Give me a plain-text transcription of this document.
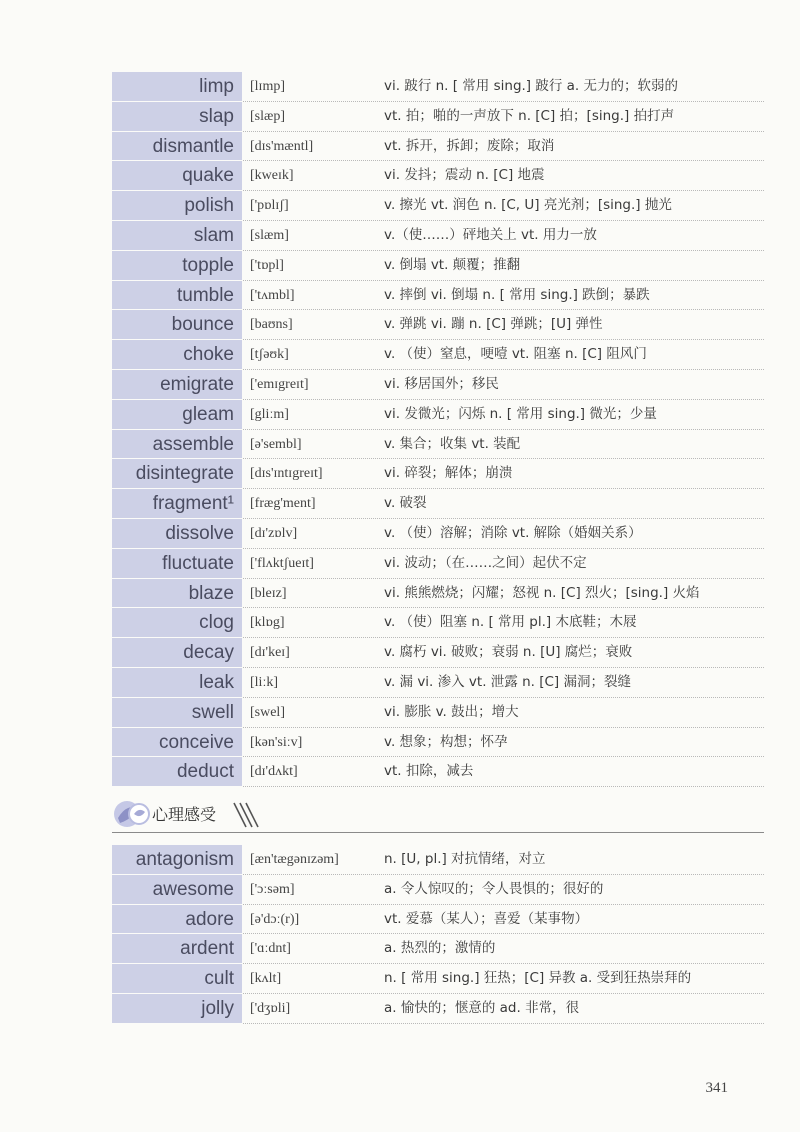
limp	[lɪmp]	vi. 跛行 n. [ 常用 sing.] 跛行 a. 无力的；软弱的
slap	[slæp]	vt. 拍；啪的一声放下 n. [C] 拍；[sing.] 拍打声
dismantle	[dɪs'mæntl]	vt. 拆开，拆卸；废除；取消
quake	[kweɪk]	vi. 发抖；震动 n. [C] 地震
polish	['pɒlɪʃ]	v. 擦光 vt. 润色 n. [C, U] 亮光剂；[sing.] 抛光
slam	[slæm]	v.（使……）砰地关上 vt. 用力一放
topple	['tɒpl]	v. 倒塌 vt. 颠覆；推翻
tumble	['tʌmbl]	v. 摔倒 vi. 倒塌 n. [ 常用 sing.] 跌倒；暴跌
bounce	[baʊns]	v. 弹跳 vi. 蹦 n. [C] 弹跳；[U] 弹性
choke	[tʃəʊk]	v. （使）窒息，哽噎 vt. 阻塞 n. [C] 阻风门
emigrate	['emɪgreɪt]	vi. 移居国外；移民
gleam	[gliːm]	vi. 发微光；闪烁 n. [ 常用 sing.] 微光；少量
assemble	[ə'sembl]	v. 集合；收集 vt. 装配
disintegrate	[dɪs'ɪntɪgreɪt]	vi. 碎裂；解体；崩溃
fragment¹	[fræg'ment]	v. 破裂
dissolve	[dɪ'zɒlv]	v. （使）溶解；消除 vt. 解除（婚姻关系）
fluctuate	['flʌktʃueɪt]	vi. 波动；（在……之间）起伏不定
blaze	[bleɪz]	vi. 熊熊燃烧；闪耀；怒视 n. [C] 烈火；[sing.] 火焰
clog	[klɒg]	v. （使）阻塞 n. [ 常用 pl.] 木底鞋；木屐
decay	[dɪ'keɪ]	v. 腐朽 vi. 破败；衰弱 n. [U] 腐烂；衰败
leak	[liːk]	v. 漏 vi. 渗入 vt. 泄露 n. [C] 漏洞；裂缝
swell	[swel]	vi. 膨胀 v. 鼓出；增大
conceive	[kən'siːv]	v. 想象；构想；怀孕
deduct	[dɪ'dʌkt]	vt. 扣除，减去
心理感受
antagonism	[æn'tægənɪzəm]	n. [U, pl.] 对抗情绪，对立
awesome	['ɔːsəm]	a. 令人惊叹的；令人畏惧的；很好的
adore	[ə'dɔː(r)]	vt. 爱慕（某人）；喜爱（某事物）
ardent	['ɑːdnt]	a. 热烈的；激情的
cult	[kʌlt]	n. [ 常用 sing.] 狂热；[C] 异教 a. 受到狂热崇拜的
jolly	['dʒɒli]	a. 愉快的；惬意的 ad. 非常，很
341
